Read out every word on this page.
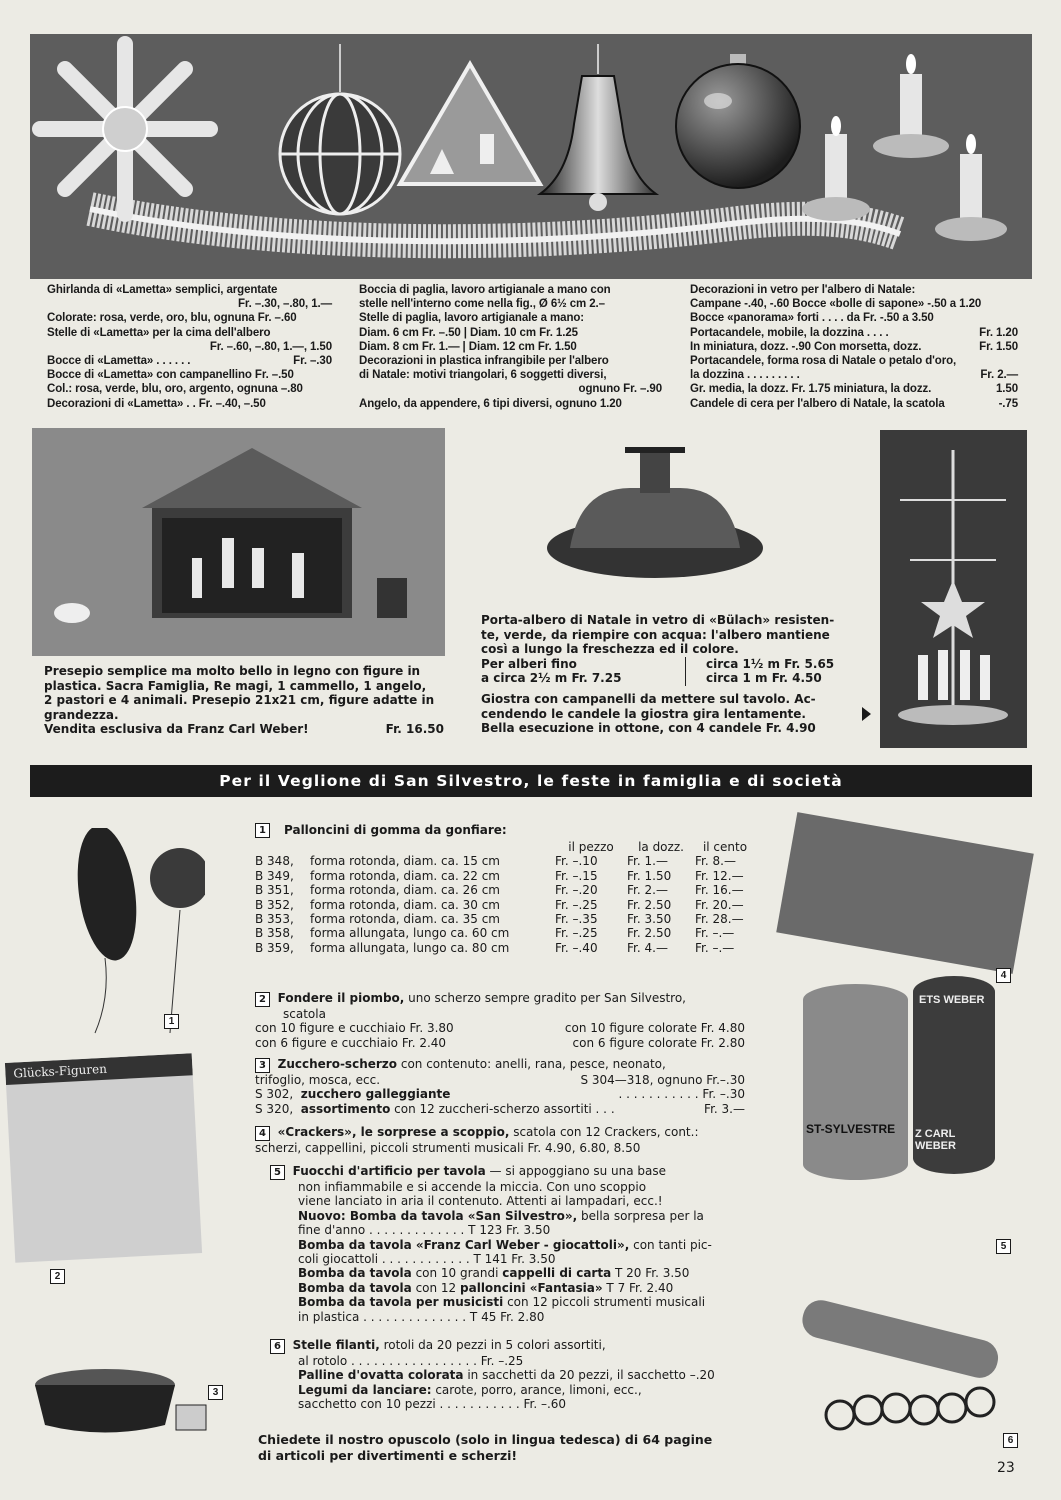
Ghirlanda di «Lametta» semplici, argentate
Fr. –.30, –.80, 1.—
Colorate: rosa, verde, oro, blu, ognuna Fr. –.60
Stelle di «Lametta» per la cima dell'albero
Fr. –.60, –.80, 1.—, 1.50
Bocce di «Lametta» . . . . . .	Fr. –.30
Bocce di «Lametta» con campanellino Fr. –.50
Col.: rosa, verde, blu, oro, argento, ognuna –.80
Decorazioni di «Lametta» . . Fr. –.40, –.50
Boccia di paglia, lavoro artigianale a mano con
stelle nell'interno come nella fig., Ø 6½ cm 2.–
Stelle di paglia, lavoro artigianale a mano:
Diam. 6 cm Fr. –.50 | Diam. 10 cm Fr. 1.25
Diam. 8 cm Fr. 1.— | Diam. 12 cm Fr. 1.50
Decorazioni in plastica infrangibile per l'albero
di Natale: motivi triangolari, 6 soggetti diversi,
ognuno Fr. –.90
Angelo, da appendere, 6 tipi diversi, ognuno 1.20
Decorazioni in vetro per l'albero di Natale:
Campane -.40, -.60 Bocce «bolle di sapone» -.50 a 1.20
Bocce «panorama» forti . . . . da Fr. -.50 a 3.50
Portacandele, mobile, la dozzina . . . .	Fr. 1.20
In miniatura, dozz. -.90 Con morsetta, dozz.	Fr. 1.50
Portacandele, forma rosa di Natale o petalo d'oro,
la dozzina . . . . . . . . .	Fr. 2.—
Gr. media, la dozz. Fr. 1.75 miniatura, la dozz.	1.50
Candele di cera per l'albero di Natale, la scatola	-.75
Presepio semplice ma molto bello in legno con figure in
plastica. Sacra Famiglia, Re magi, 1 cammello, 1 angelo,
2 pastori e 4 animali. Presepio 21x21 cm, figure adatte in
grandezza.
Vendita esclusiva da Franz Carl Weber!	Fr. 16.50
Porta-albero di Natale in vetro di «Bülach» resisten-
te, verde, da riempire con acqua: l'albero mantiene
così a lungo la freschezza ed il colore.
Per alberi fino	circa 1½ m Fr. 5.65
a circa 2½ m Fr. 7.25	circa 1 m Fr. 4.50
Giostra con campanelli da mettere sul tavolo. Ac-
cendendo le candele la giostra gira lentamente.
Bella esecuzione in ottone, con 4 candele Fr. 4.90
Per il Veglione di San Silvestro, le feste in famiglia e di società
1
Glücks-Figuren
2
3
4
ST-SYLVESTRE
ETS WEBER
Z CARL WEBER
5
6
1	Palloncini di gomma da gonfiare:
		il pezzo	la dozz.	il cento
B 348,	forma rotonda, diam. ca. 15 cm	Fr. –.10	Fr. 1.—	Fr. 8.—
B 349,	forma rotonda, diam. ca. 22 cm	Fr. –.15	Fr. 1.50	Fr. 12.—
B 351,	forma rotonda, diam. ca. 26 cm	Fr. –.20	Fr. 2.—	Fr. 16.—
B 352,	forma rotonda, diam. ca. 30 cm	Fr. –.25	Fr. 2.50	Fr. 20.—
B 353,	forma rotonda, diam. ca. 35 cm	Fr. –.35	Fr. 3.50	Fr. 28.—
B 358,	forma allungata, lungo ca. 60 cm	Fr. –.25	Fr. 2.50	Fr. –.—
B 359,	forma allungata, lungo ca. 80 cm	Fr. –.40	Fr. 4.—	Fr. –.—
2 Fondere il piombo, uno scherzo sempre gradito per San Silvestro,
scatola
con 10 figure e cucchiaio Fr. 3.80	con 10 figure colorate Fr. 4.80
con 6 figure e cucchiaio Fr. 2.40	con 6 figure colorate Fr. 2.80
3 Zucchero-scherzo con contenuto: anelli, rana, pesce, neonato,
trifoglio, mosca, ecc.	S 304—318, ognuno Fr.–.30
S 302, zucchero galleggiante	. . . . . . . . . . . Fr. –.30
S 320, assortimento con 12 zuccheri-scherzo assortiti . . .	Fr. 3.—
4 «Crackers», le sorprese a scoppio, scatola con 12 Crackers, cont.:
scherzi, cappellini, piccoli strumenti musicali Fr. 4.90, 6.80, 8.50
5 Fuocchi d'artificio per tavola — si appoggiano su una base
non infiammabile e si accende la miccia. Con uno scoppio
viene lanciato in aria il contenuto. Attenti ai lampadari, ecc.!
Nuovo: Bomba da tavola «San Silvestro», bella sorpresa per la
fine d'anno . . . . . . . . . . . . . T 123 Fr. 3.50
Bomba da tavola «Franz Carl Weber - giocattoli», con tanti pic-
coli giocattoli . . . . . . . . . . . . T 141 Fr. 3.50
Bomba da tavola con 10 grandi cappelli di carta T 20 Fr. 3.50
Bomba da tavola con 12 palloncini «Fantasia» T 7 Fr. 2.40
Bomba da tavola per musicisti con 12 piccoli strumenti musicali
in plastica . . . . . . . . . . . . . . T 45 Fr. 2.80
6 Stelle filanti, rotoli da 20 pezzi in 5 colori assortiti,
al rotolo . . . . . . . . . . . . . . . . . Fr. –.25
Palline d'ovatta colorata in sacchetti da 20 pezzi, il sacchetto –.20
Legumi da lanciare: carote, porro, arance, limoni, ecc.,
sacchetto con 10 pezzi . . . . . . . . . . . Fr. –.60
Chiedete il nostro opuscolo (solo in lingua tedesca) di 64 pagine
di articoli per divertimenti e scherzi!
23
